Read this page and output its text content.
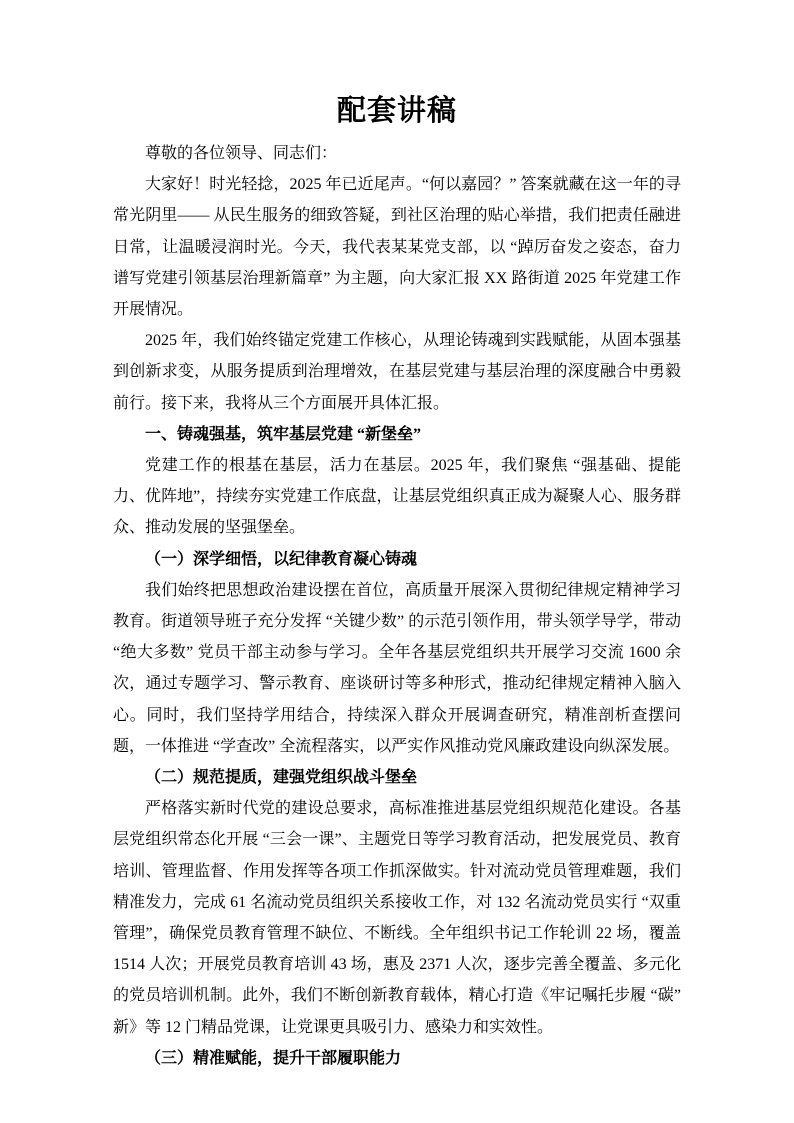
配套讲稿

尊敬的各位领导、同志们：

大家好！时光轻捻，2025 年已近尾声。“何以嘉园？” 答案就藏在这一年的寻常光阴里—— 从民生服务的细致答疑，到社区治理的贴心举措，我们把责任融进日常，让温暖浸润时光。今天，我代表某某党支部，以 “踔厉奋发之姿态，奋力谱写党建引领基层治理新篇章” 为主题，向大家汇报 XX 路街道 2025 年党建工作开展情况。

2025 年，我们始终锚定党建工作核心，从理论铸魂到实践赋能，从固本强基到创新求变，从服务提质到治理增效，在基层党建与基层治理的深度融合中勇毅前行。接下来，我将从三个方面展开具体汇报。

一、铸魂强基，筑牢基层党建 “新堡垒”

党建工作的根基在基层，活力在基层。2025 年，我们聚焦 “强基础、提能力、优阵地”，持续夯实党建工作底盘，让基层党组织真正成为凝聚人心、服务群众、推动发展的坚强堡垒。

（一）深学细悟，以纪律教育凝心铸魂

我们始终把思想政治建设摆在首位，高质量开展深入贯彻纪律规定精神学习教育。街道领导班子充分发挥 “关键少数” 的示范引领作用，带头领学导学，带动 “绝大多数” 党员干部主动参与学习。全年各基层党组织共开展学习交流 1600 余次，通过专题学习、警示教育、座谈研讨等多种形式，推动纪律规定精神入脑入心。同时，我们坚持学用结合，持续深入群众开展调查研究，精准剖析查摆问题，一体推进 “学查改” 全流程落实，以严实作风推动党风廉政建设向纵深发展。

（二）规范提质，建强党组织战斗堡垒

严格落实新时代党的建设总要求，高标准推进基层党组织规范化建设。各基层党组织常态化开展 “三会一课”、主题党日等学习教育活动，把发展党员、教育培训、管理监督、作用发挥等各项工作抓深做实。针对流动党员管理难题，我们精准发力，完成 61 名流动党员组织关系接收工作，对 132 名流动党员实行 “双重管理”，确保党员教育管理不缺位、不断线。全年组织书记工作轮训 22 场，覆盖 1514 人次；开展党员教育培训 43 场，惠及 2371 人次，逐步完善全覆盖、多元化的党员培训机制。此外，我们不断创新教育载体，精心打造《牢记嘱托步履 “碳” 新》等 12 门精品党课，让党课更具吸引力、感染力和实效性。

（三）精准赋能，提升干部履职能力
